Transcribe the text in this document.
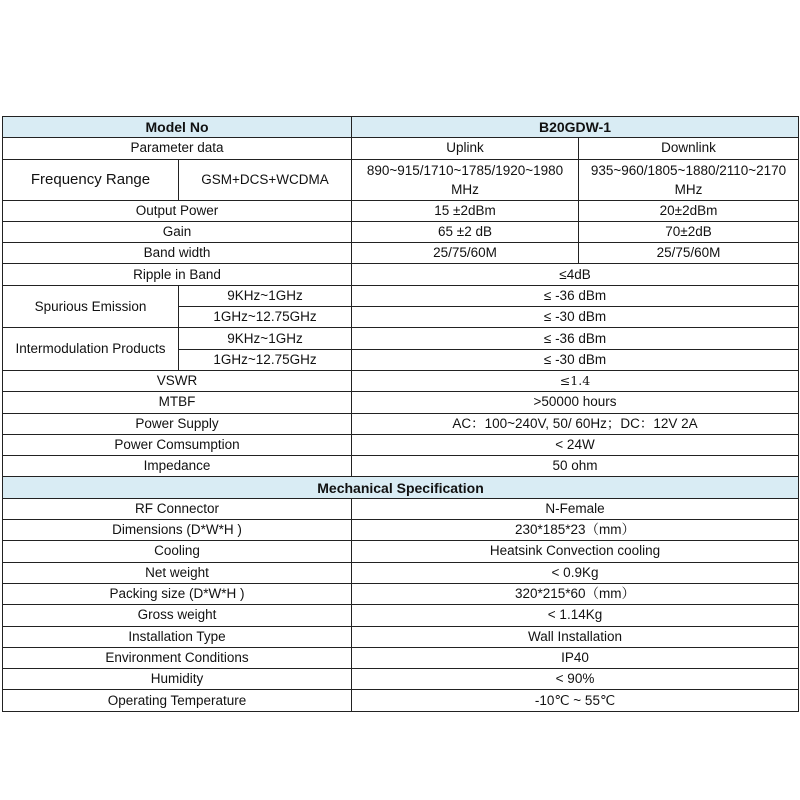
Model No		B20GDW-1	
Parameter data		Uplink	Downlink
Frequency Range	GSM+DCS+WCDMA	890~915/1710~1785/1920~1980 MHz	935~960/1805~1880/2110~2170 MHz
Output Power		15 ±2dBm	20±2dBm
Gain		65 ±2 dB	70±2dB
Band width		25/75/60M	25/75/60M
Ripple in Band		≤4dB	
Spurious Emission	9KHz~1GHz	≤ -36 dBm	
	1GHz~12.75GHz	≤ -30 dBm	
Intermodulation Products	9KHz~1GHz	≤ -36 dBm	
	1GHz~12.75GHz	≤ -30 dBm	
VSWR		≤1.4	
MTBF		>50000 hours	
Power Supply		AC：100~240V, 50/ 60Hz；DC：12V 2A	
Power Comsumption		< 24W	
Impedance		50 ohm	
Mechanical Specification			
RF Connector		N-Female	
Dimensions (D*W*H )		230*185*23（mm）	
Cooling		Heatsink Convection cooling	
Net weight		< 0.9Kg	
Packing size (D*W*H )		320*215*60（mm）	
Gross weight		< 1.14Kg	
Installation Type		Wall Installation	
Environment Conditions		IP40	
Humidity		< 90%	
Operating Temperature		-10℃ ~ 55℃	
